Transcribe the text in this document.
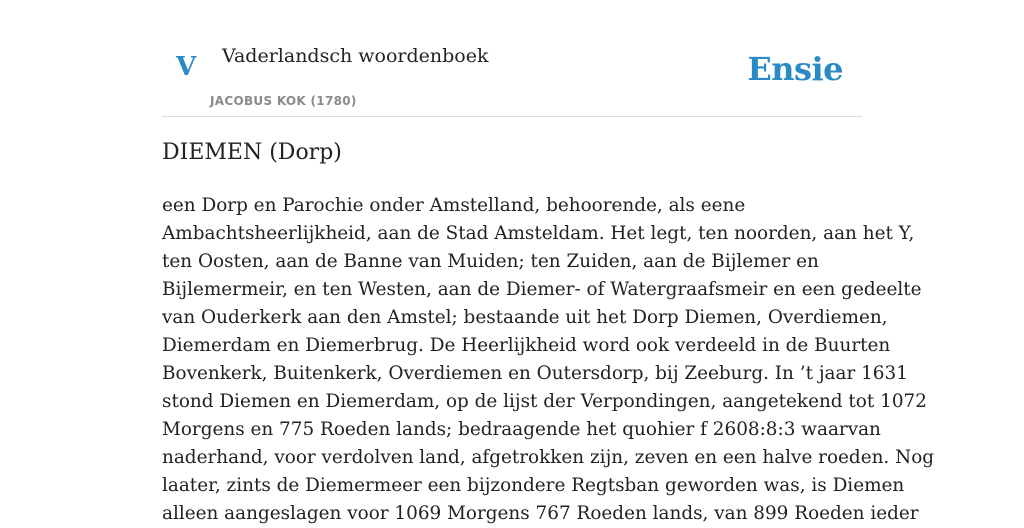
V Vaderlandsch woordenboek
JACOBUS KOK (1780)
Ensie
DIEMEN (Dorp)
een Dorp en Parochie onder Amstelland, behoorende, als eene
Ambachtsheerlijkheid, aan de Stad Amsteldam. Het legt, ten noorden, aan het Y,
ten Oosten, aan de Banne van Muiden; ten Zuiden, aan de Bijlemer en
Bijlemermeir, en ten Westen, aan de Diemer- of Watergraafsmeir en een gedeelte
van Ouderkerk aan den Amstel; bestaande uit het Dorp Diemen, Overdiemen,
Diemerdam en Diemerbrug. De Heerlijkheid word ook verdeeld in de Buurten
Bovenkerk, Buitenkerk, Overdiemen en Outersdorp, bij Zeeburg. In ’t jaar 1631
stond Diemen en Diemerdam, op de lijst der Verpondingen, aangetekend tot 1072
Morgens en 775 Roeden lands; bedraagende het quohier f 2608:8:3 waarvan
naderhand, voor verdolven land, afgetrokken zijn, zeven en een halve roeden. Nog
laater, zints de Diemermeer een bijzondere Regtsban geworden was, is Diemen
alleen aangeslagen voor 1069 Morgens 767 Roeden lands, van 899 Roeden ieder
